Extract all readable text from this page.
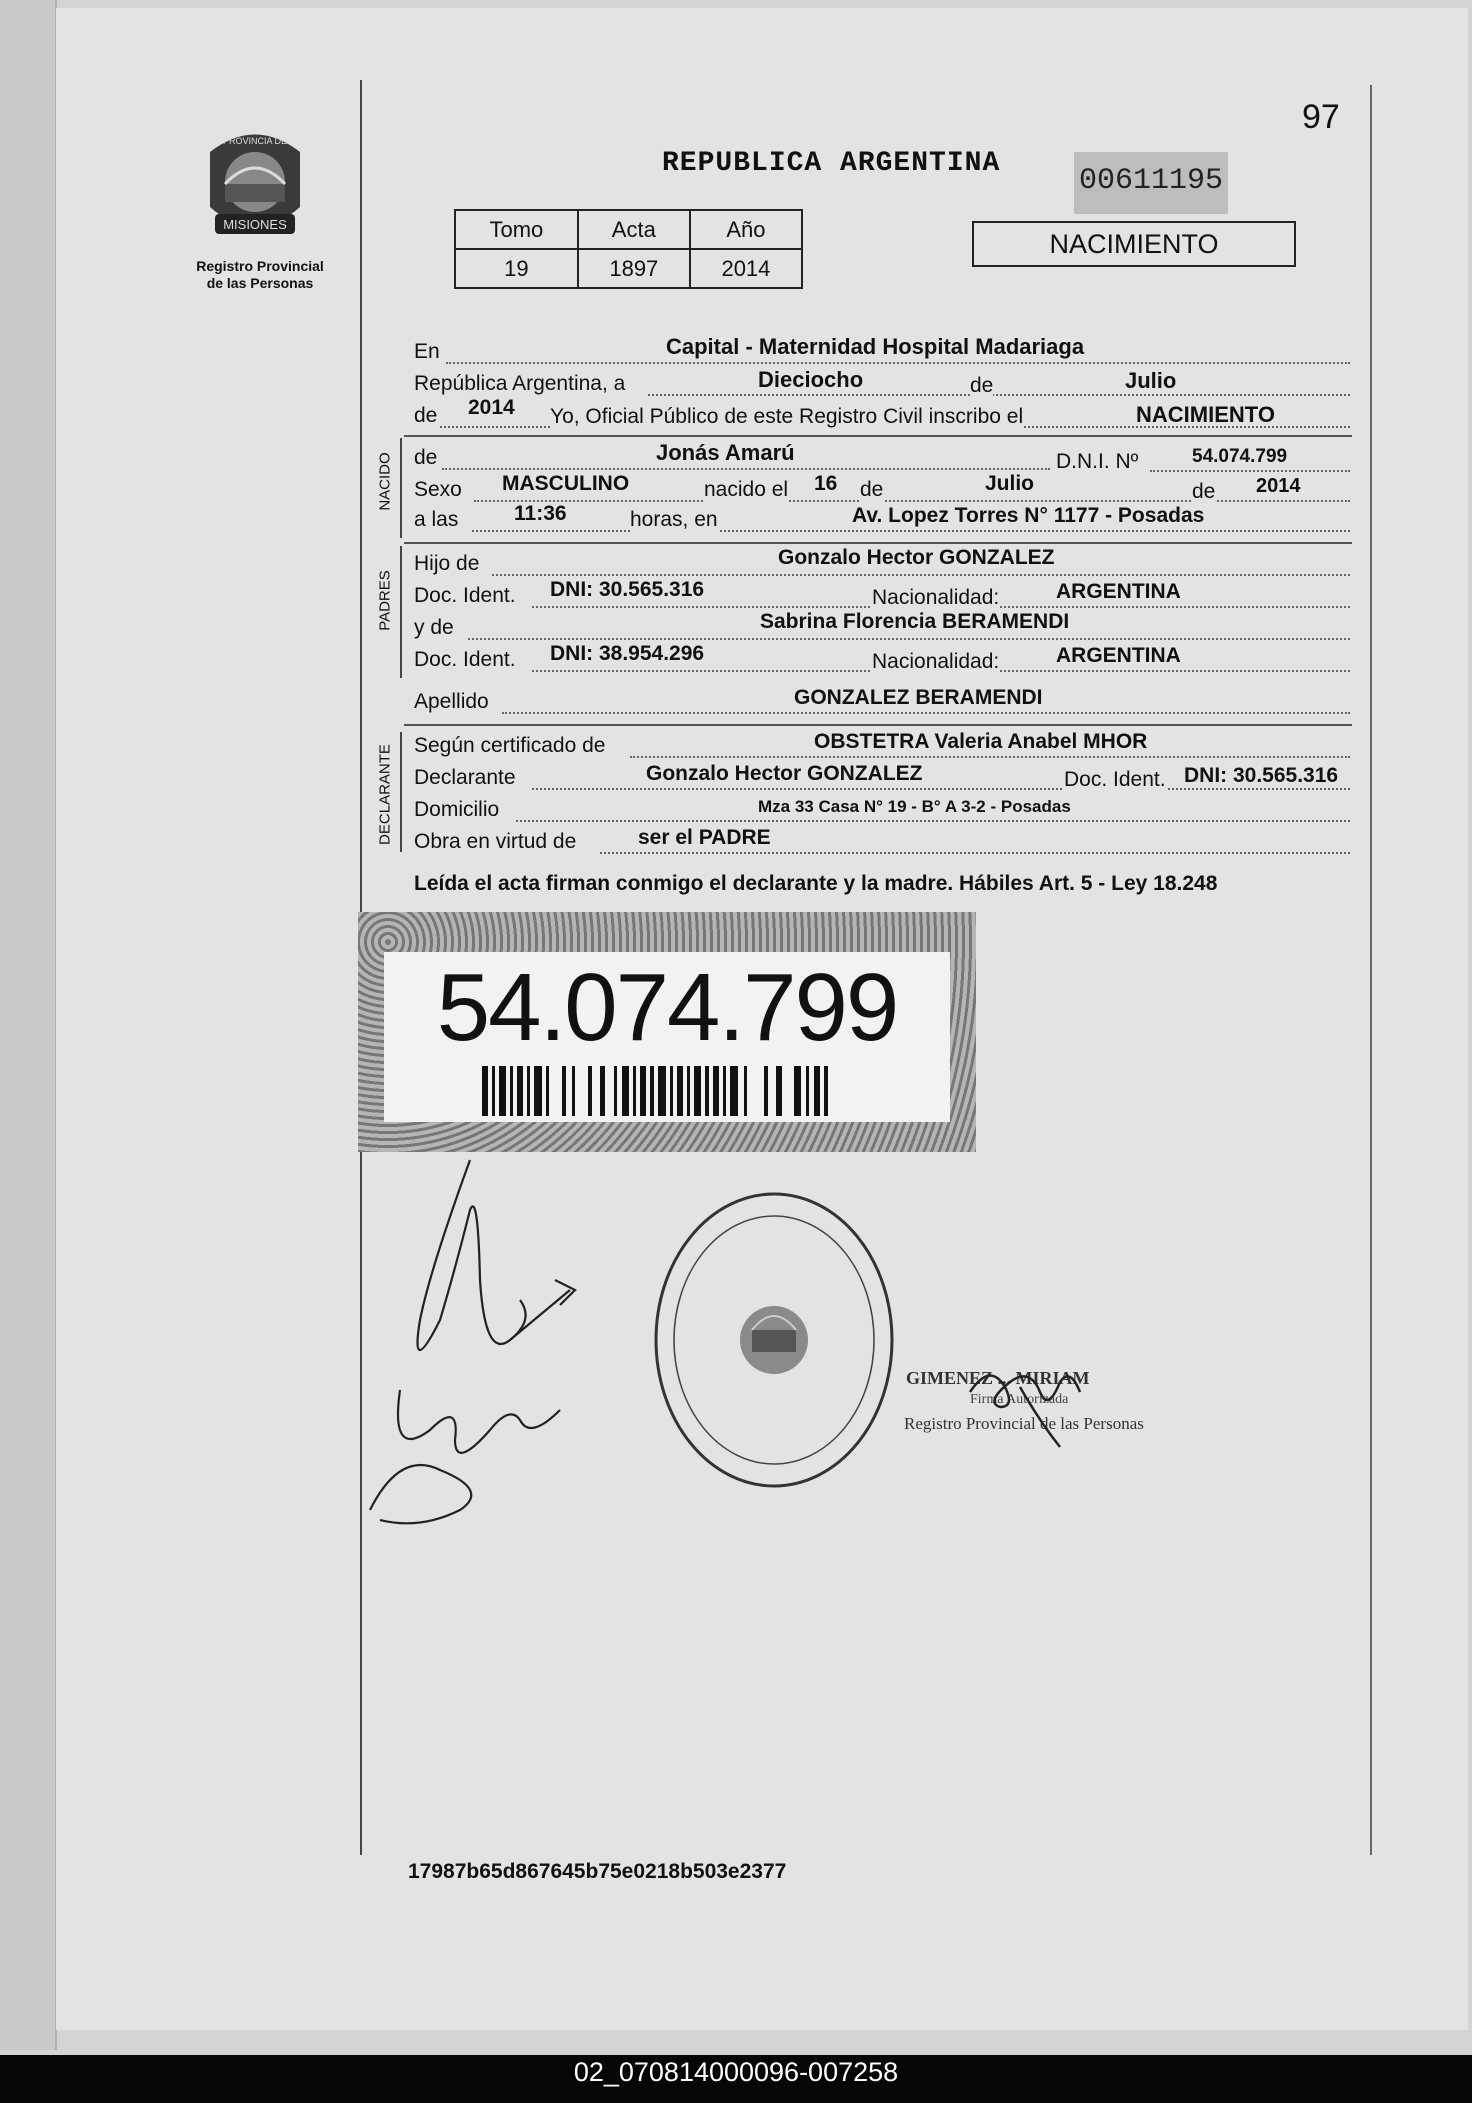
97
MISIONES
PROVINCIA DE
Registro Provincial
de las Personas
REPUBLICA ARGENTINA
00611195
Tomo	Acta	Año
19	1897	2014
NACIMIENTO
En	Capital - Maternidad Hospital Madariaga
República Argentina, a	Dieciocho	de	Julio
de 2014 Yo, Oficial Público de este Registro Civil inscribo el	NACIMIENTO
NACIDO de	Jonás Amarú	D.N.I. Nº	54.074.799
Sexo MASCULINO	nacido el 16 de	Julio	de 2014
a las	11:36	horas, en	Av. Lopez Torres N° 1177 - Posadas
PADRES
Hijo de	Gonzalo Hector GONZALEZ
Doc. Ident. DNI: 30.565.316	Nacionalidad:	ARGENTINA
y de	Sabrina Florencia BERAMENDI
Doc. Ident. DNI: 38.954.296	Nacionalidad:	ARGENTINA
Apellido	GONZALEZ BERAMENDI
DECLARANTE Según certificado de	OBSTETRA Valeria Anabel MHOR
Declarante	Gonzalo Hector GONZALEZ	Doc. Ident. DNI: 30.565.316
Domicilio	Mza 33 Casa N° 19 - B° A 3-2 - Posadas
Obra en virtud de	ser el PADRE
Leída el acta firman conmigo el declarante y la madre. Hábiles Art. 5 - Ley 18.248
54.074.799
GIMENEZ ... MIRIAM
Firma Autorizada
Registro Provincial de las Personas
17987b65d867645b75e0218b503e2377
02_070814000096-007258
